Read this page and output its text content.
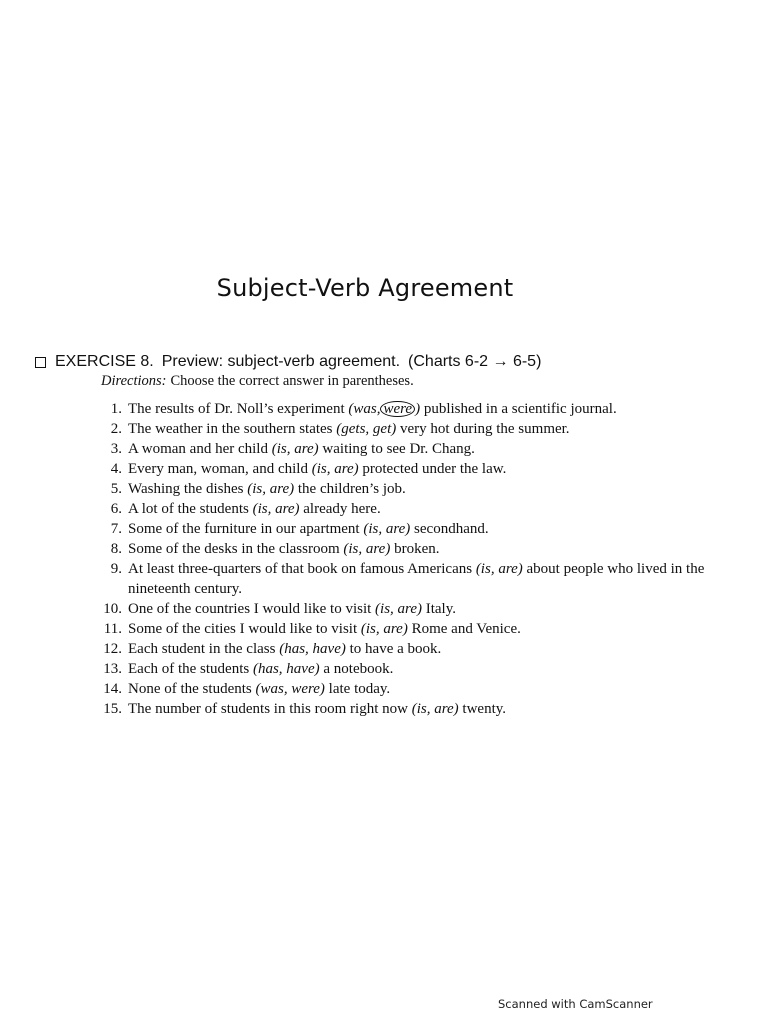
Subject-Verb Agreement
EXERCISE 8. Preview: subject-verb agreement. (Charts 6-2 → 6-5)
Directions: Choose the correct answer in parentheses.
1. The results of Dr. Noll’s experiment (was, were ) published in a scientific journal.
2. The weather in the southern states (gets, get) very hot during the summer.
3. A woman and her child (is, are) waiting to see Dr. Chang.
4. Every man, woman, and child (is, are) protected under the law.
5. Washing the dishes (is, are) the children’s job.
6. A lot of the students (is, are) already here.
7. Some of the furniture in our apartment (is, are) secondhand.
8. Some of the desks in the classroom (is, are) broken.
9. At least three-quarters of that book on famous Americans (is, are) about people who lived in the nineteenth century.
10. One of the countries I would like to visit (is, are) Italy.
11. Some of the cities I would like to visit (is, are) Rome and Venice.
12. Each student in the class (has, have) to have a book.
13. Each of the students (has, have) a notebook.
14. None of the students (was, were) late today.
15. The number of students in this room right now (is, are) twenty.
Scanned with CamScanner
